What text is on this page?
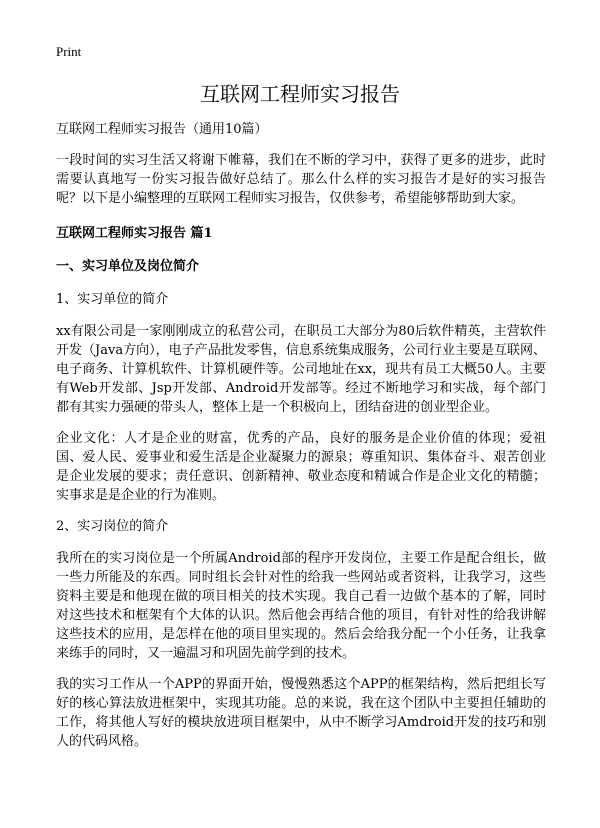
Print
互联网工程师实习报告
互联网工程师实习报告（通用10篇）

一段时间的实习生活又将谢下帷幕，我们在不断的学习中，获得了更多的进步，此时需要认真地写一份实习报告做好总结了。那么什么样的实习报告才是好的实习报告呢？以下是小编整理的互联网工程师实习报告，仅供参考，希望能够帮助到大家。

互联网工程师实习报告 篇1
一、实习单位及岗位简介
1、实习单位的简介

xx有限公司是一家刚刚成立的私营公司，在职员工大部分为80后软件精英，主营软件开发（Java方向），电子产品批发零售，信息系统集成服务，公司行业主要是互联网、电子商务、计算机软件、计算机硬件等。公司地址在xx，现共有员工大概50人。主要有Web开发部、Jsp开发部、Android开发部等。经过不断地学习和实战，每个部门都有其实力强硬的带头人，整体上是一个积极向上，团结奋进的创业型企业。

企业文化：人才是企业的财富，优秀的产品，良好的服务是企业价值的体现；爱祖国、爱人民、爱事业和爱生活是企业凝聚力的源泉；尊重知识、集体奋斗、艰苦创业是企业发展的要求；责任意识、创新精神、敬业态度和精诚合作是企业文化的精髓；实事求是是企业的行为准则。

2、实习岗位的简介

我所在的实习岗位是一个所属Android部的程序开发岗位，主要工作是配合组长，做一些力所能及的东西。同时组长会针对性的给我一些网站或者资料，让我学习，这些资料主要是和他现在做的项目相关的技术实现。我自己看一边做个基本的了解，同时对这些技术和框架有个大体的认识。然后他会再结合他的项目，有针对性的给我讲解这些技术的应用，是怎样在他的项目里实现的。然后会给我分配一个小任务，让我拿来练手的同时，又一遍温习和巩固先前学到的技术。

我的实习工作从一个APP的界面开始，慢慢熟悉这个APP的框架结构，然后把组长写好的核心算法放进框架中，实现其功能。总的来说，我在这个团队中主要担任辅助的工作，将其他人写好的模块放进项目框架中，从中不断学习Amdroid开发的技巧和别人的代码风格。
